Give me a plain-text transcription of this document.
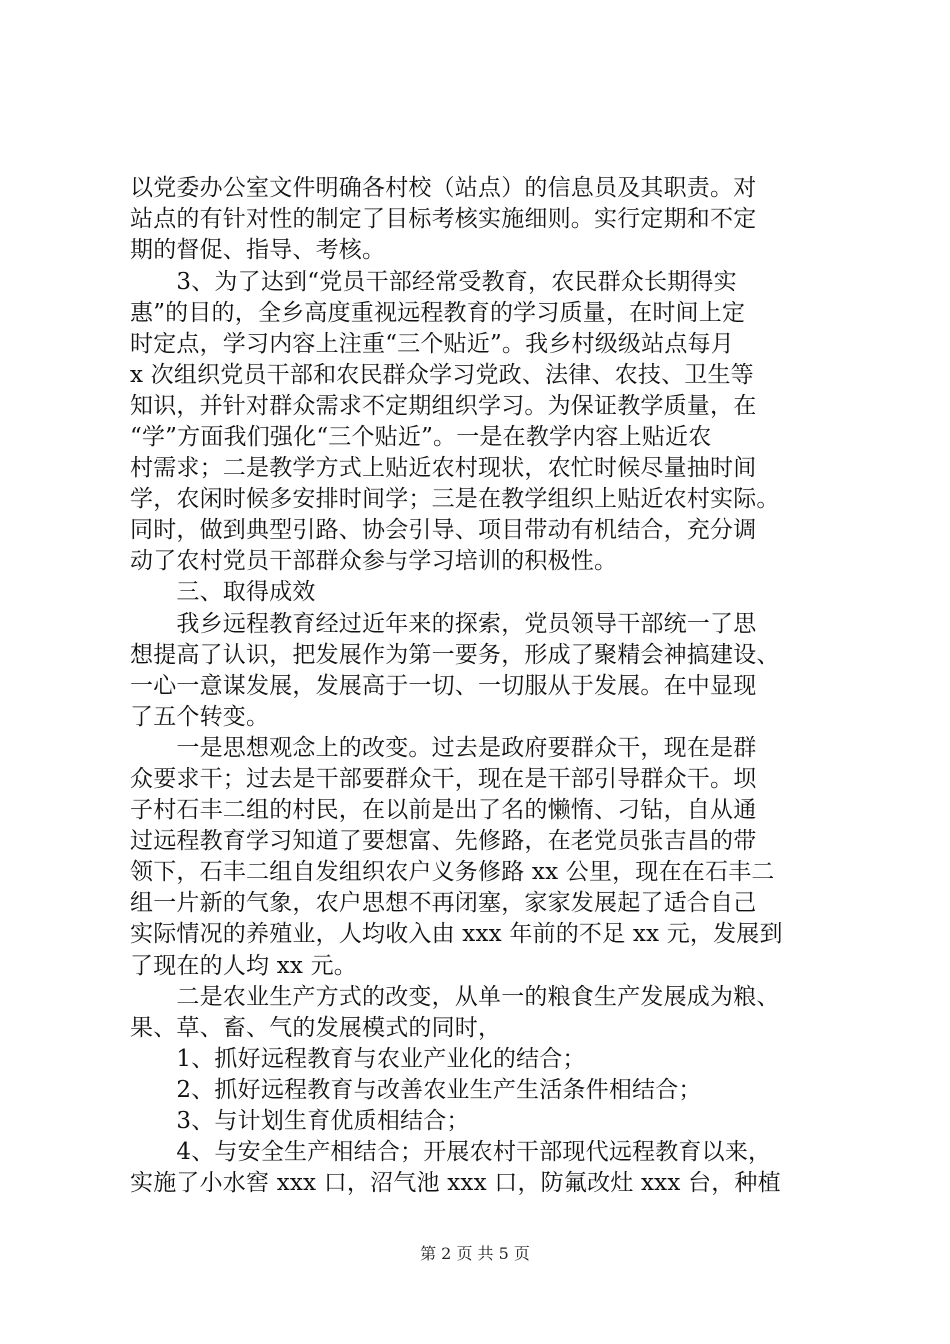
以党委办公室文件明确各村校（站点）的信息员及其职责。对
站点的有针对性的制定了目标考核实施细则。实行定期和不定
期的督促、指导、考核。
　　3、为了达到“党员干部经常受教育，农民群众长期得实
惠”的目的，全乡高度重视远程教育的学习质量，在时间上定
时定点，学习内容上注重“三个贴近”。我乡村级级站点每月
x 次组织党员干部和农民群众学习党政、法律、农技、卫生等
知识，并针对群众需求不定期组织学习。为保证教学质量，在
“学”方面我们强化“三个贴近”。一是在教学内容上贴近农
村需求；二是教学方式上贴近农村现状，农忙时候尽量抽时间
学，农闲时候多安排时间学；三是在教学组织上贴近农村实际。
同时，做到典型引路、协会引导、项目带动有机结合，充分调
动了农村党员干部群众参与学习培训的积极性。
　　三、取得成效
　　我乡远程教育经过近年来的探索，党员领导干部统一了思
想提高了认识，把发展作为第一要务，形成了聚精会神搞建设、
一心一意谋发展，发展高于一切、一切服从于发展。在中显现
了五个转变。
　　一是思想观念上的改变。过去是政府要群众干，现在是群
众要求干；过去是干部要群众干，现在是干部引导群众干。坝
子村石丰二组的村民，在以前是出了名的懒惰、刁钻，自从通
过远程教育学习知道了要想富、先修路，在老党员张吉昌的带
领下，石丰二组自发组织农户义务修路 xx 公里，现在在石丰二
组一片新的气象，农户思想不再闭塞，家家发展起了适合自己
实际情况的养殖业，人均收入由 xxx 年前的不足 xx 元，发展到
了现在的人均 xx 元。
　　二是农业生产方式的改变，从单一的粮食生产发展成为粮、
果、草、畜、气的发展模式的同时，
　　1、抓好远程教育与农业产业化的结合；
　　2、抓好远程教育与改善农业生产生活条件相结合；
　　3、与计划生育优质相结合；
　　4、与安全生产相结合；开展农村干部现代远程教育以来，
实施了小水窖 xxx 口，沼气池 xxx 口，防氟改灶 xxx 台，种植
第 2 页 共 5 页
